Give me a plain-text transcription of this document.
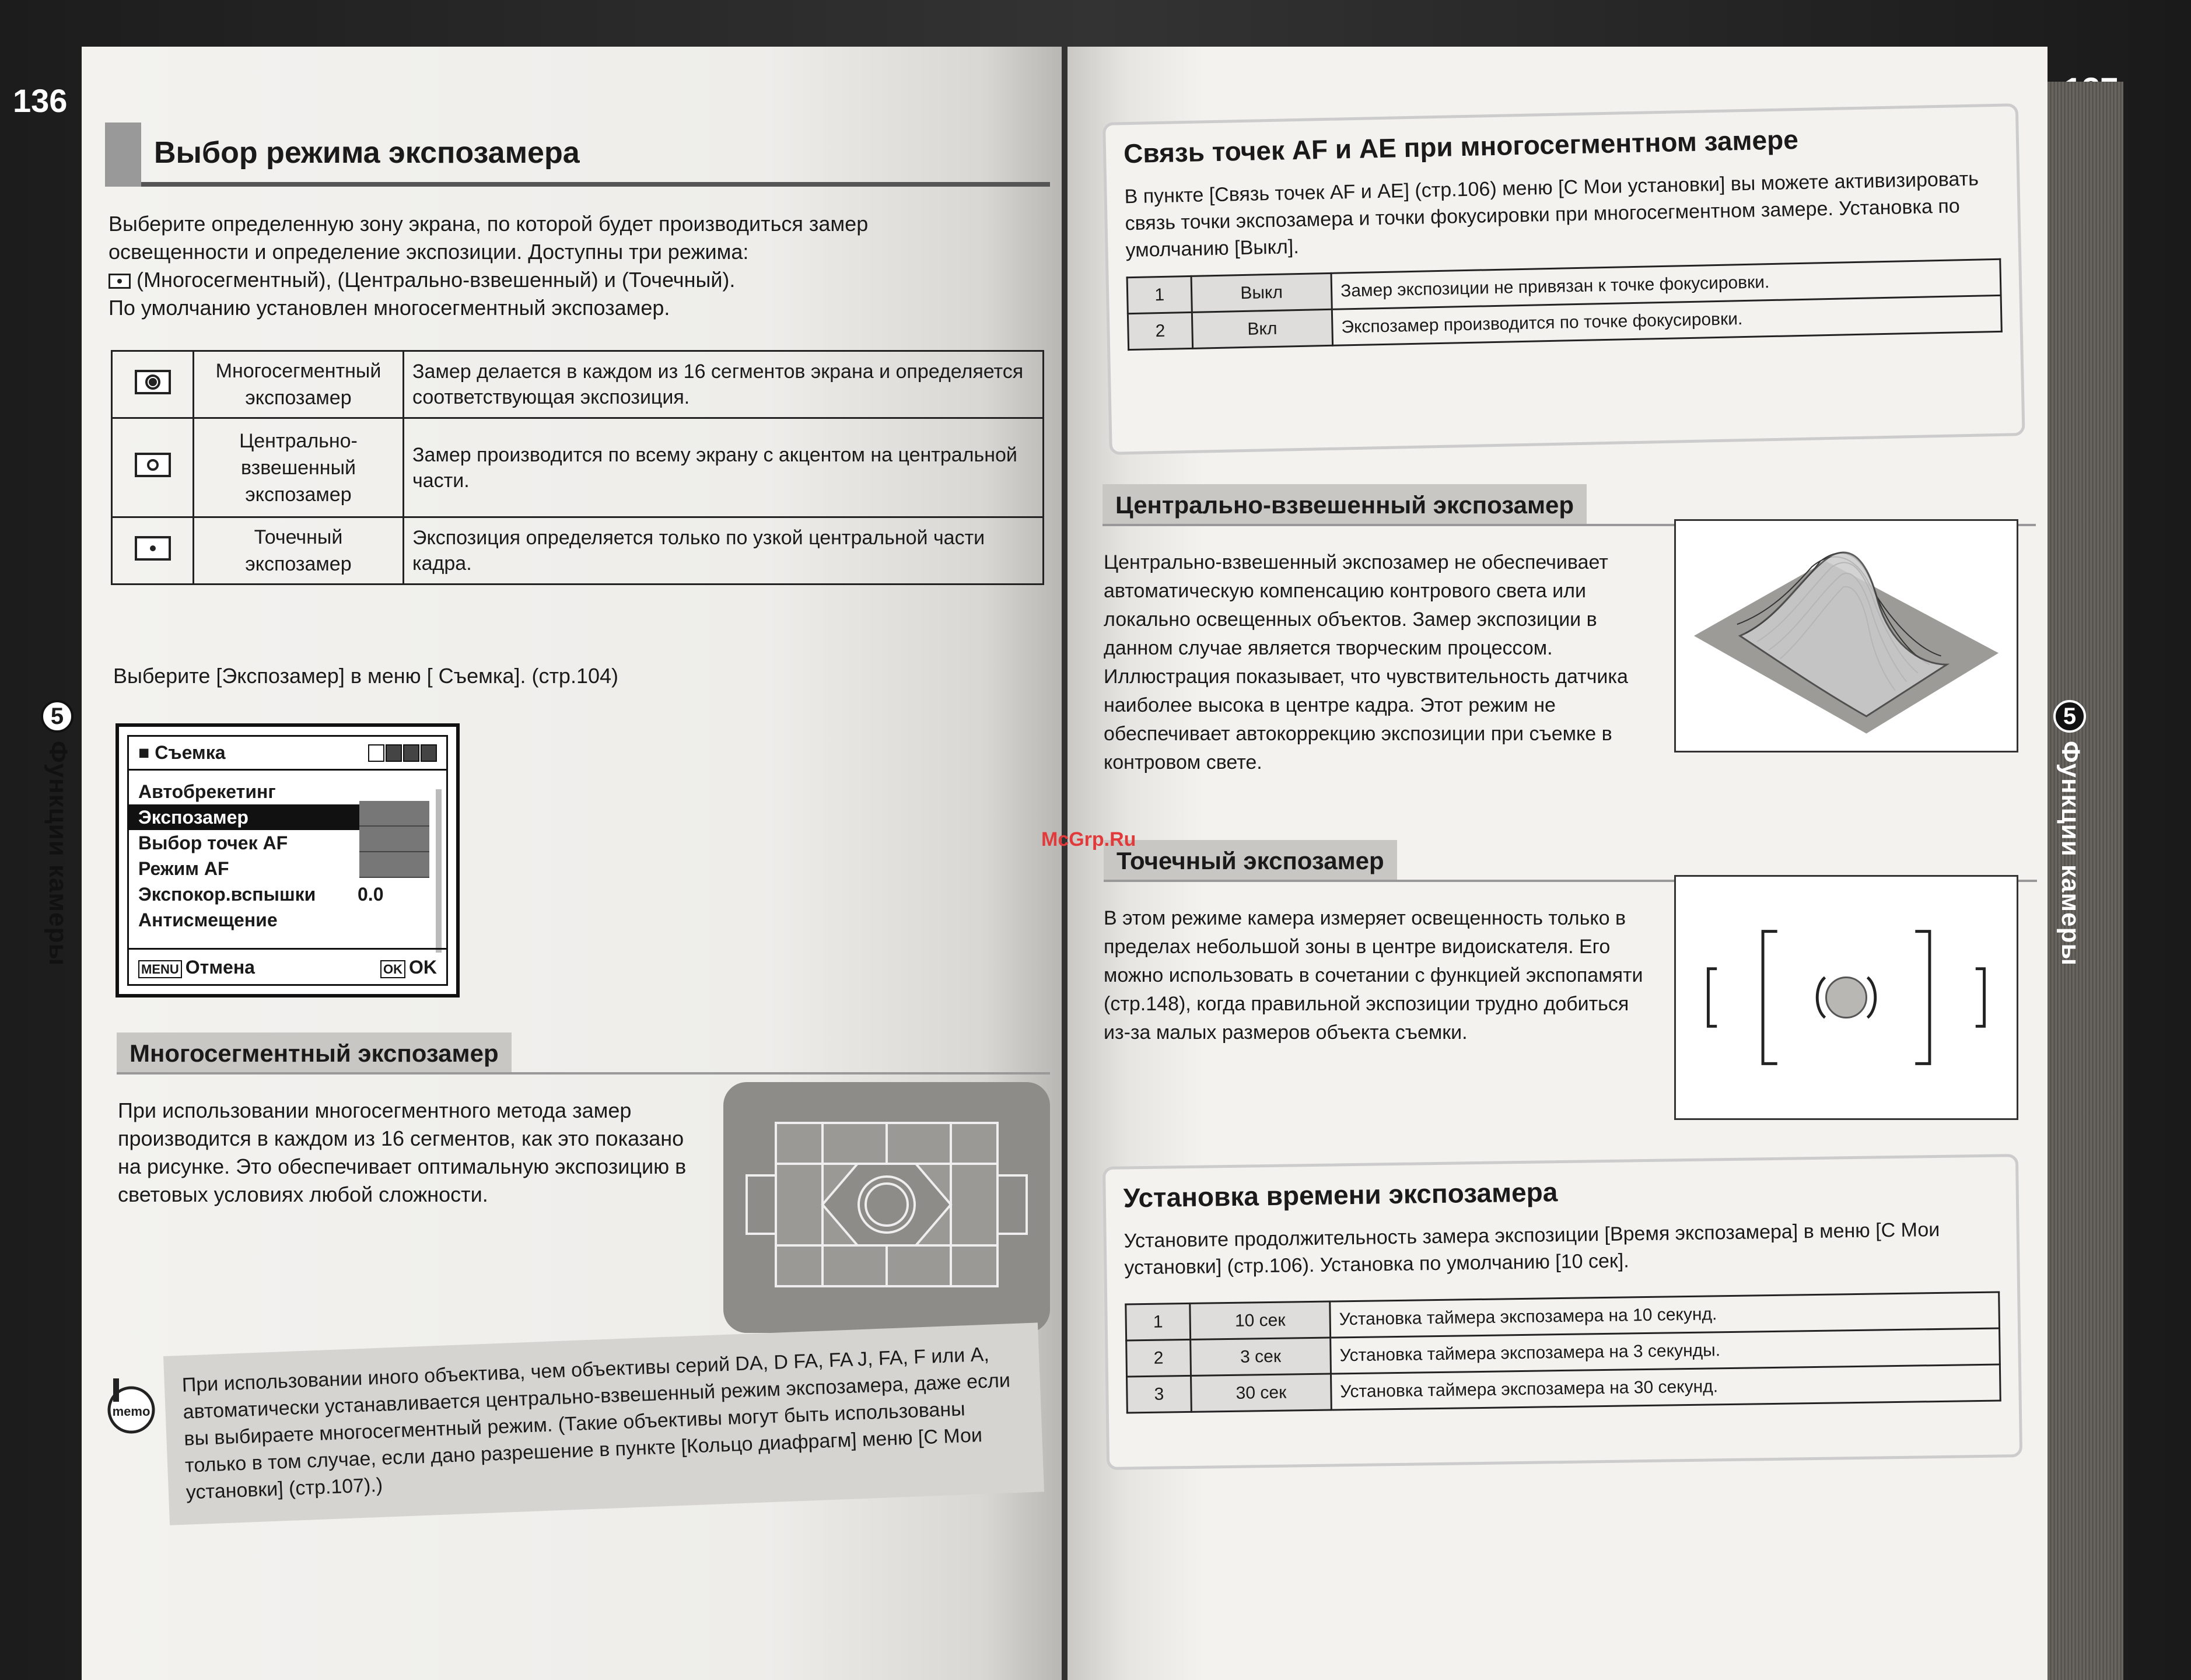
136
5
Функции камеры
Выбор режима экспозамера
Выберите определенную зону экрана, по которой будет производиться замер
освещенности и определение экспозиции. Доступны три режима:
(Многосегментный), (Центрально-взвешенный) и (Точечный).
По умолчанию установлен многосегментный экспозамер.
	Многосегментный экспозамер	Замер делается в каждом из 16 сегментов экрана и определяется соответствующая экспозиция.

	Центрально-взвешенный экспозамер	Замер производится по всему экрану с акцентом на центральной части.

	Точечный экспозамер	Экспозиция определяется только по узкой центральной части кадра.
Выберите [Экспозамер] в меню [ Съемка]. (стр.104)
■ Съемка
Автобрекетинг
Экспозамер
Выбор точек AF
Режим AF
Экспокор.вспышки 0.0
Антисмещение
MENU Отмена	OK OK
Многосегментный экспозамер
При использовании многосегментного метода замер производится в каждом из 16 сегментов, как это показано на рисунке. Это обеспечивает оптимальную экспозицию в световых условиях любой сложности.
memo
При использовании иного объектива, чем объективы серий DA, D FA, FA J, FA, F или A, автоматически устанавливается центрально-взвешенный режим экспозамера, даже если вы выбираете многосегментный режим. (Такие объективы могут быть использованы только в том случае, если дано разрешение в пункте [Кольцо диафрагм] меню [C Мои установки] (стр.107).)
Связь точек AF и AE при многосегментном замере
В пункте [Связь точек AF и AE] (стр.106) меню [C Мои установки] вы можете активизировать связь точки экспозамера и точки фокусировки при многосегментном замере. Установка по умолчанию [Выкл].
1	Выкл	Замер экспозиции не привязан к точке фокусировки.
2	Вкл	Экспозамер производится по точке фокусировки.
Центрально-взвешенный экспозамер
Центрально-взвешенный экспозамер не обеспечивает автоматическую компенсацию контрового света или локально освещенных объектов. Замер экспозиции в данном случае является творческим процессом. Иллюстрация показывает, что чувствительность датчика наиболее высока в центре кадра. Этот режим не обеспечивает автокоррекцию экспозиции при съемке в контровом свете.
Точечный экспозамер
В этом режиме камера измеряет освещенность только в пределах небольшой зоны в центре видоискателя. Его можно использовать в сочетании с функцией экспопамяти (стр.148), когда правильной экспозиции трудно добиться из-за малых размеров объекта съемки.
Установка времени экспозамера
Установите продолжительность замера экспозиции [Время экспозамера] в меню [C Мои установки] (стр.106). Установка по умолчанию [10 сек].
1	10 сек	Установка таймера экспозамера на 10 секунд.
2	3 сек	Установка таймера экспозамера на 3 секунды.
3	30 сек	Установка таймера экспозамера на 30 секунд.
5
Функции камеры
McGrp.Ru
